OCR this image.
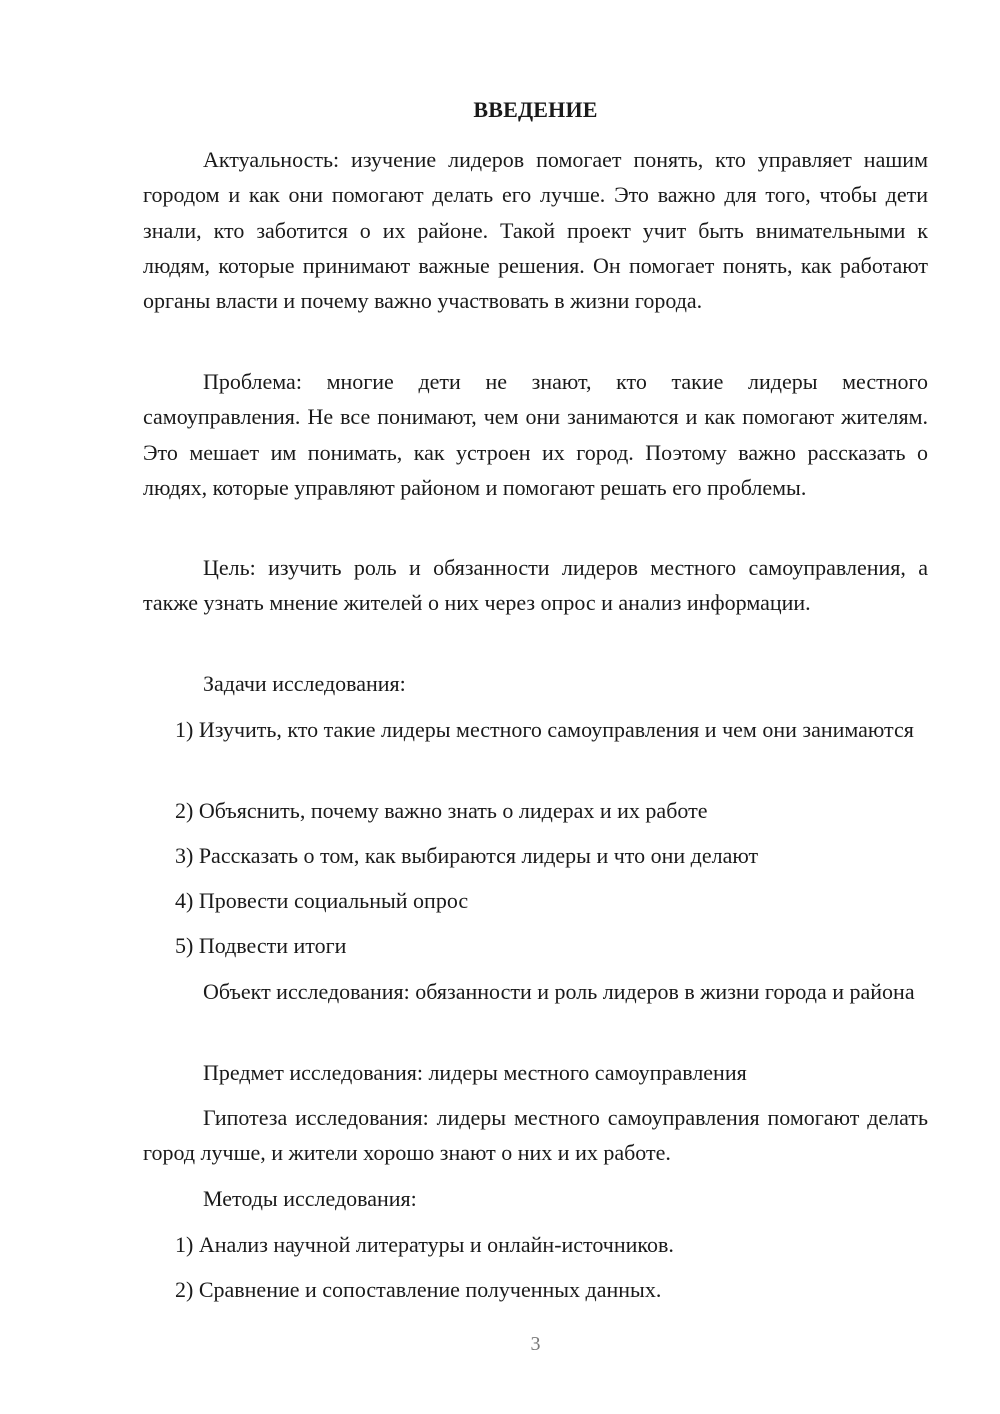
ВВЕДЕНИЕ

Актуальность: изучение лидеров помогает понять, кто управляет нашим городом и как они помогают делать его лучше. Это важно для того, чтобы дети знали, кто заботится о их районе. Такой проект учит быть внимательными к людям, которые принимают важные решения. Он помогает понять, как работают органы власти и почему важно участвовать в жизни города.

Проблема: многие дети не знают, кто такие лидеры местного самоуправления. Не все понимают, чем они занимаются и как помогают жителям. Это мешает им понимать, как устроен их город. Поэтому важно рассказать о людях, которые управляют районом и помогают решать его проблемы.

Цель: изучить роль и обязанности лидеров местного самоуправления, а также узнать мнение жителей о них через опрос и анализ информации.

Задачи исследования:

1) Изучить, кто такие лидеры местного самоуправления и чем они занимаются

2) Объяснить, почему важно знать о лидерах и их работе

3) Рассказать о том, как выбираются лидеры и что они делают

4) Провести социальный опрос

5) Подвести итоги

Объект исследования: обязанности и роль лидеров в жизни города и района

Предмет исследования: лидеры местного самоуправления

Гипотеза исследования: лидеры местного самоуправления помогают делать город лучше, и жители хорошо знают о них и их работе.

Методы исследования:

1) Анализ научной литературы и онлайн-источников.

2) Сравнение и сопоставление полученных данных.

3
